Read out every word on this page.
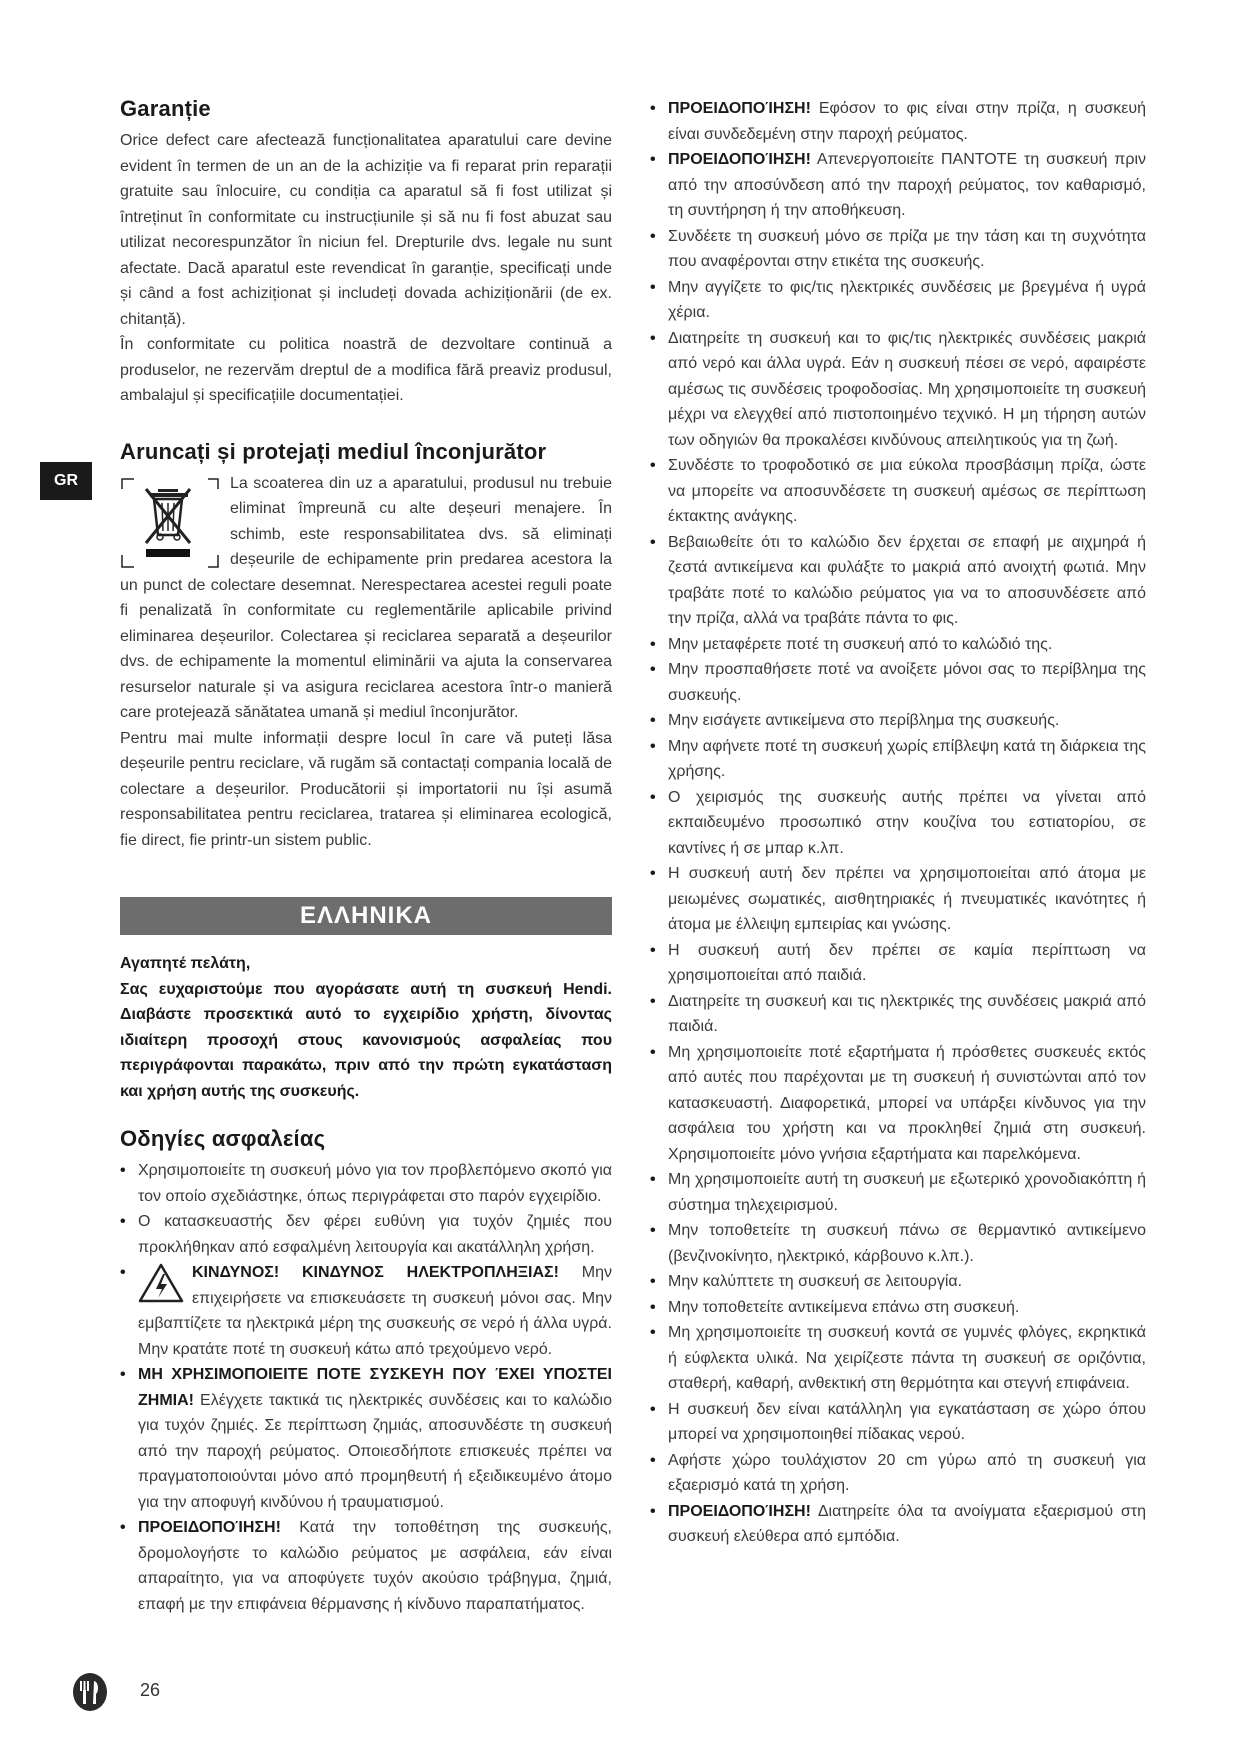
GR
Garanție

Orice defect care afectează funcționalitatea aparatului care devine evident în termen de un an de la achiziție va fi reparat prin reparații gratuite sau înlocuire, cu condiția ca aparatul să fi fost utilizat și întreținut în conformitate cu instrucțiunile și să nu fi fost abuzat sau utilizat necorespunzător în niciun fel. Drepturile dvs. legale nu sunt afectate. Dacă aparatul este revendicat în garanție, specificați unde și când a fost achiziționat și includeți dovada achiziționării (de ex. chitanță).

În conformitate cu politica noastră de dezvoltare continuă a produselor, ne rezervăm dreptul de a modifica fără preaviz produsul, ambalajul și specificațiile documentației.

Aruncați și protejați mediul înconjurător

La scoaterea din uz a aparatului, produsul nu trebuie eliminat împreună cu alte deșeuri menajere. În schimb, este responsabilitatea dvs. să eliminați deșeurile de echipamente prin predarea acestora la un punct de colectare desemnat. Nerespectarea acestei reguli poate fi penalizată în conformitate cu reglementările aplicabile privind eliminarea deșeurilor. Colectarea și reciclarea separată a deșeurilor dvs. de echipamente la momentul eliminării va ajuta la conservarea resurselor naturale și va asigura reciclarea acestora într-o manieră care protejează sănătatea umană și mediul înconjurător.

Pentru mai multe informații despre locul în care vă puteți lăsa deșeurile pentru reciclare, vă rugăm să contactați compania locală de colectare a deșeurilor. Producătorii și importatorii nu își asumă responsabilitatea pentru reciclarea, tratarea și eliminarea ecologică, fie direct, fie printr-un sistem public.

ΕΛΛΗΝΙΚΑ
Αγαπητέ πελάτη,
Σας ευχαριστούμε που αγοράσατε αυτή τη συσκευή Hendi. Διαβάστε προσεκτικά αυτό το εγχειρίδιο χρήστη, δίνοντας ιδιαίτερη προσοχή στους κανονισμούς ασφαλείας που περιγράφονται παρακάτω, πριν από την πρώτη εγκατάσταση και χρήση αυτής της συσκευής.
Οδηγίες ασφαλείας
• Χρησιμοποιείτε τη συσκευή μόνο για τον προβλεπόμενο σκοπό για τον οποίο σχεδιάστηκε, όπως περιγράφεται στο παρόν εγχειρίδιο.
• Ο κατασκευαστής δεν φέρει ευθύνη για τυχόν ζημιές που προκλήθηκαν από εσφαλμένη λειτουργία και ακατάλληλη χρήση.
•	ΚΙΝΔΥΝΟΣ! ΚΙΝΔΥΝΟΣ ΗΛΕΚΤΡΟΠΛΗΞΙΑΣ! Μην επιχειρήσετε να επισκευάσετε τη συσκευή μόνοι σας. Μην εμβαπτίζετε τα ηλεκτρικά μέρη της συσκευής σε νερό ή άλλα υγρά. Μην κρατάτε ποτέ τη συσκευή κάτω από τρεχούμενο νερό.
• ΜΗ ΧΡΗΣΙΜΟΠΟΙΕΙΤΕ ΠΟΤΕ ΣΥΣΚΕΥΗ ΠΟΥ ΈΧΕΙ ΥΠΟΣΤΕΙ ΖΗΜΙΑ! Ελέγχετε τακτικά τις ηλεκτρικές συνδέσεις και το καλώδιο για τυχόν ζημιές. Σε περίπτωση ζημιάς, αποσυνδέστε τη συσκευή από την παροχή ρεύματος. Οποιεσδήποτε επισκευές πρέπει να πραγματοποιούνται μόνο από προμηθευτή ή εξειδικευμένο άτομο για την αποφυγή κινδύνου ή τραυματισμού.
• ΠΡΟΕΙΔΟΠΟΊΗΣΗ! Κατά την τοποθέτηση της συσκευής, δρομολογήστε το καλώδιο ρεύματος με ασφάλεια, εάν είναι απαραίτητο, για να αποφύγετε τυχόν ακούσιο τράβηγμα, ζημιά, επαφή με την επιφάνεια θέρμανσης ή κίνδυνο παραπατήματος.
• ΠΡΟΕΙΔΟΠΟΊΗΣΗ! Εφόσον το φις είναι στην πρίζα, η συσκευή είναι συνδεδεμένη στην παροχή ρεύματος.
• ΠΡΟΕΙΔΟΠΟΊΗΣΗ! Απενεργοποιείτε ΠΑΝΤΟΤΕ τη συσκευή πριν από την αποσύνδεση από την παροχή ρεύματος, τον καθαρισμό, τη συντήρηση ή την αποθήκευση.
• Συνδέετε τη συσκευή μόνο σε πρίζα με την τάση και τη συχνότητα που αναφέρονται στην ετικέτα της συσκευής.
• Μην αγγίζετε το φις/τις ηλεκτρικές συνδέσεις με βρεγμένα ή υγρά χέρια.
• Διατηρείτε τη συσκευή και το φις/τις ηλεκτρικές συνδέσεις μακριά από νερό και άλλα υγρά. Εάν η συσκευή πέσει σε νερό, αφαιρέστε αμέσως τις συνδέσεις τροφοδοσίας. Μη χρησιμοποιείτε τη συσκευή μέχρι να ελεγχθεί από πιστοποιημένο τεχνικό. Η μη τήρηση αυτών των οδηγιών θα προκαλέσει κινδύνους απειλητικούς για τη ζωή.
• Συνδέστε το τροφοδοτικό σε μια εύκολα προσβάσιμη πρίζα, ώστε να μπορείτε να αποσυνδέσετε τη συσκευή αμέσως σε περίπτωση έκτακτης ανάγκης.
• Βεβαιωθείτε ότι το καλώδιο δεν έρχεται σε επαφή με αιχμηρά ή ζεστά αντικείμενα και φυλάξτε το μακριά από ανοιχτή φωτιά. Μην τραβάτε ποτέ το καλώδιο ρεύματος για να το αποσυνδέσετε από την πρίζα, αλλά να τραβάτε πάντα το φις.
• Μην μεταφέρετε ποτέ τη συσκευή από το καλώδιό της.
• Μην προσπαθήσετε ποτέ να ανοίξετε μόνοι σας το περίβλημα της συσκευής.
• Μην εισάγετε αντικείμενα στο περίβλημα της συσκευής.
• Μην αφήνετε ποτέ τη συσκευή χωρίς επίβλεψη κατά τη διάρκεια της χρήσης.
• Ο χειρισμός της συσκευής αυτής πρέπει να γίνεται από εκπαιδευμένο προσωπικό στην κουζίνα του εστιατορίου, σε καντίνες ή σε μπαρ κ.λπ.
• Η συσκευή αυτή δεν πρέπει να χρησιμοποιείται από άτομα με μειωμένες σωματικές, αισθητηριακές ή πνευματικές ικανότητες ή άτομα με έλλειψη εμπειρίας και γνώσης.
• Η συσκευή αυτή δεν πρέπει σε καμία περίπτωση να χρησιμοποιείται από παιδιά.
• Διατηρείτε τη συσκευή και τις ηλεκτρικές της συνδέσεις μακριά από παιδιά.
• Μη χρησιμοποιείτε ποτέ εξαρτήματα ή πρόσθετες συσκευές εκτός από αυτές που παρέχονται με τη συσκευή ή συνιστώνται από τον κατασκευαστή. Διαφορετικά, μπορεί να υπάρξει κίνδυνος για την ασφάλεια του χρήστη και να προκληθεί ζημιά στη συσκευή. Χρησιμοποιείτε μόνο γνήσια εξαρτήματα και παρελκόμενα.
• Μη χρησιμοποιείτε αυτή τη συσκευή με εξωτερικό χρονοδιακόπτη ή σύστημα τηλεχειρισμού.
• Μην τοποθετείτε τη συσκευή πάνω σε θερμαντικό αντικείμενο (βενζινοκίνητο, ηλεκτρικό, κάρβουνο κ.λπ.).
• Μην καλύπτετε τη συσκευή σε λειτουργία.
• Μην τοποθετείτε αντικείμενα επάνω στη συσκευή.
• Μη χρησιμοποιείτε τη συσκευή κοντά σε γυμνές φλόγες, εκρηκτικά ή εύφλεκτα υλικά. Να χειρίζεστε πάντα τη συσκευή σε οριζόντια, σταθερή, καθαρή, ανθεκτική στη θερμότητα και στεγνή επιφάνεια.
• Η συσκευή δεν είναι κατάλληλη για εγκατάσταση σε χώρο όπου μπορεί να χρησιμοποιηθεί πίδακας νερού.
• Αφήστε χώρο τουλάχιστον 20 cm γύρω από τη συσκευή για εξαερισμό κατά τη χρήση.
• ΠΡΟΕΙΔΟΠΟΊΗΣΗ! Διατηρείτε όλα τα ανοίγματα εξαερισμού στη συσκευή ελεύθερα από εμπόδια.
26
